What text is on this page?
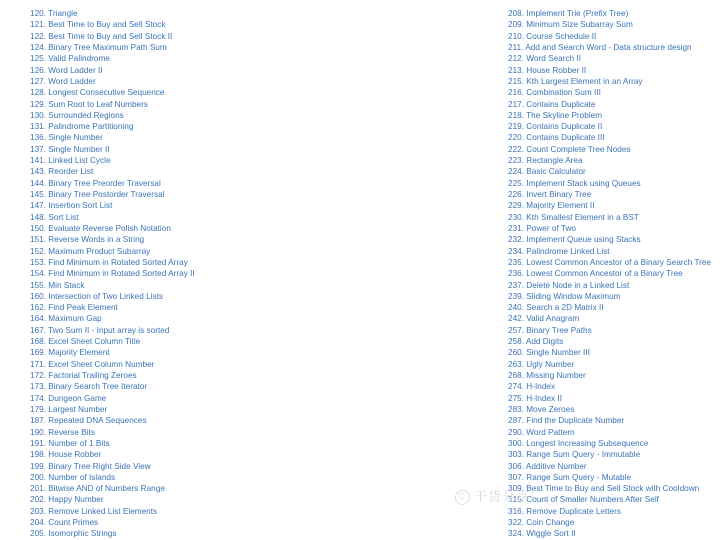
120. Triangle
121. Best Time to Buy and Sell Stock
122. Best Time to Buy and Sell Stock II
124. Binary Tree Maximum Path Sum
125. Valid Palindrome
126. Word Ladder II
127. Word Ladder
128. Longest Consecutive Sequence
129. Sum Root to Leaf Numbers
130. Surrounded Regions
131. Palindrome Partitioning
136. Single Number
137. Single Number II
141. Linked List Cycle
143. Reorder List
144. Binary Tree Preorder Traversal
145. Binary Tree Postorder Traversal
147. Insertion Sort List
148. Sort List
150. Evaluate Reverse Polish Notation
151. Reverse Words in a String
152. Maximum Product Subarray
153. Find Minimum in Rotated Sorted Array
154. Find Minimum in Rotated Sorted Array II
155. Min Stack
160. Intersection of Two Linked Lists
162. Find Peak Element
164. Maximum Gap
167. Two Sum II - Input array is sorted
168. Excel Sheet Column Title
169. Majority Element
171. Excel Sheet Column Number
172. Factorial Trailing Zeroes
173. Binary Search Tree Iterator
174. Dungeon Game
179. Largest Number
187. Repeated DNA Sequences
190. Reverse Bits
191. Number of 1 Bits
198. House Robber
199. Binary Tree Right Side View
200. Number of Islands
201. Bitwise AND of Numbers Range
202. Happy Number
203. Remove Linked List Elements
204. Count Primes
205. Isomorphic Strings
208. Implement Trie (Prefix Tree)
209. Minimum Size Subarray Sum
210. Course Schedule II
211. Add and Search Word - Data structure design
212. Word Search II
213. House Robber II
215. Kth Largest Element in an Array
216. Combination Sum III
217. Contains Duplicate
218. The Skyline Problem
219. Contains Duplicate II
220. Contains Duplicate III
222. Count Complete Tree Nodes
223. Rectangle Area
224. Basic Calculator
225. Implement Stack using Queues
226. Invert Binary Tree
229. Majority Element II
230. Kth Smallest Element in a BST
231. Power of Two
232. Implement Queue using Stacks
234. Palindrome Linked List
235. Lowest Common Ancestor of a Binary Search Tree
236. Lowest Common Ancestor of a Binary Tree
237. Delete Node in a Linked List
239. Sliding Window Maximum
240. Search a 2D Matrix II
242. Valid Anagram
257. Binary Tree Paths
258. Add Digits
260. Single Number III
263. Ugly Number
268. Missing Number
274. H-Index
275. H-Index II
283. Move Zeroes
287. Find the Duplicate Number
290. Word Pattern
300. Longest Increasing Subsequence
303. Range Sum Query - Immutable
306. Additive Number
307. Range Sum Query - Mutable
309. Best Time to Buy and Sell Stock with Cooldown
315. Count of Smaller Numbers After Self
316. Remove Duplicate Letters
322. Coin Change
324. Wiggle Sort II
C 干货分享
